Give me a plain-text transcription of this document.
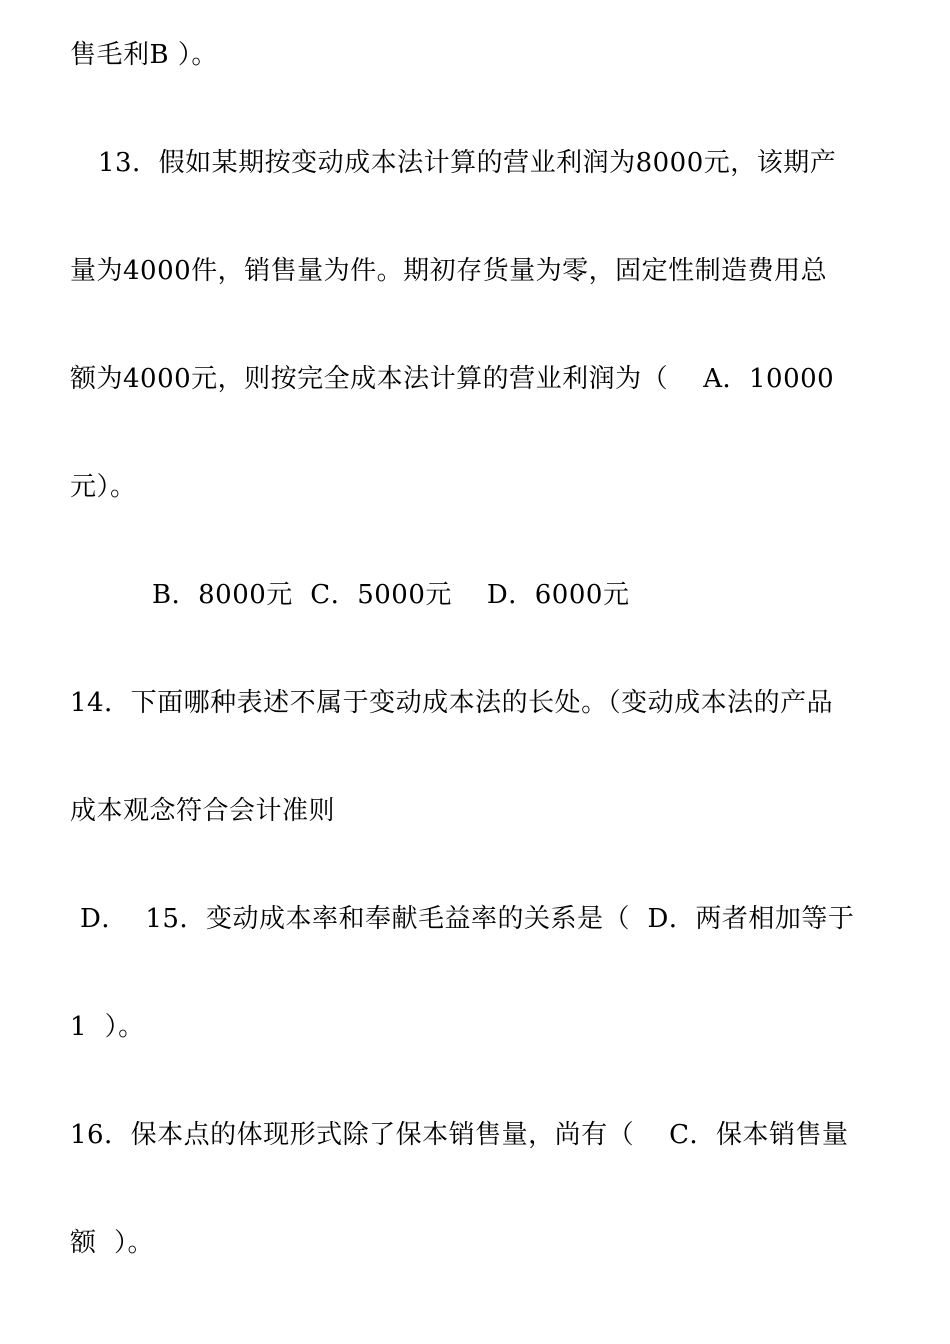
售毛利B ）。
13．假如某期按变动成本法计算的营业利润为8000元，该期产
量为4000件，销售量为件。期初存货量为零，固定性制造费用总
额为4000元，则按完全成本法计算的营业利润为（    A．10000
元）。
B．8000元  C．5000元    D．6000元
14．下面哪种表述不属于变动成本法的长处。（变动成本法的产品
成本观念符合会计准则
D．  15．变动成本率和奉献毛益率的关系是（  D．两者相加等于
1  ）。
16．保本点的体现形式除了保本销售量，尚有（    C．保本销售量
额  ）。
